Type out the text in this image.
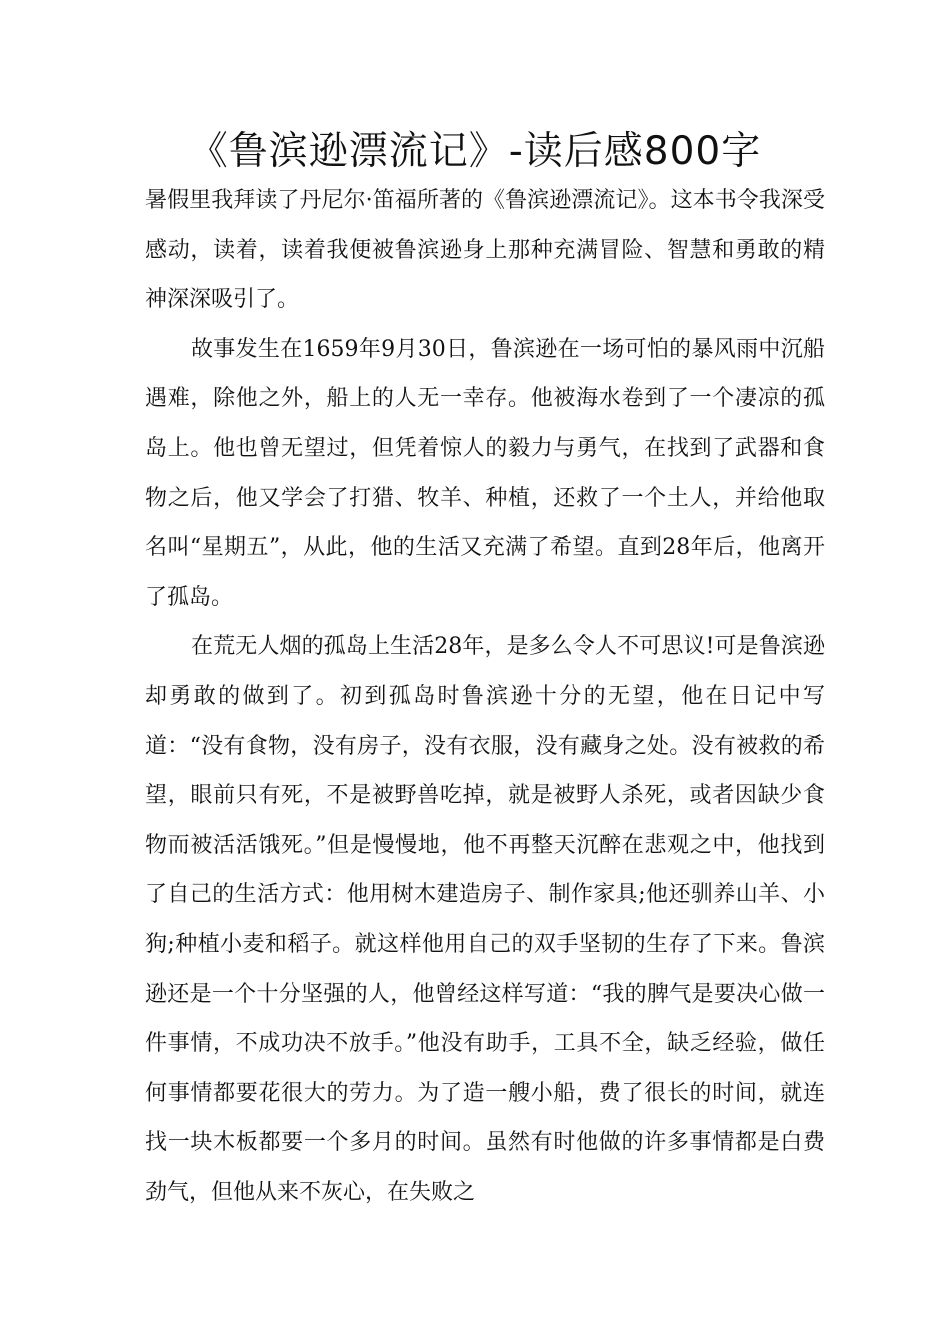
《鲁滨逊漂流记》-读后感800字

暑假里我拜读了丹尼尔·笛福所著的《鲁滨逊漂流记》。这本书令我深受感动，读着，读着我便被鲁滨逊身上那种充满冒险、智慧和勇敢的精神深深吸引了。

故事发生在1659年9月30日，鲁滨逊在一场可怕的暴风雨中沉船遇难，除他之外，船上的人无一幸存。他被海水卷到了一个凄凉的孤岛上。他也曾无望过，但凭着惊人的毅力与勇气，在找到了武器和食物之后，他又学会了打猎、牧羊、种植，还救了一个土人，并给他取名叫“星期五”，从此，他的生活又充满了希望。直到28年后，他离开了孤岛。

在荒无人烟的孤岛上生活28年，是多么令人不可思议!可是鲁滨逊却勇敢的做到了。初到孤岛时鲁滨逊十分的无望，他在日记中写道：“没有食物，没有房子，没有衣服，没有藏身之处。没有被救的希望，眼前只有死，不是被野兽吃掉，就是被野人杀死，或者因缺少食物而被活活饿死。”但是慢慢地，他不再整天沉醉在悲观之中，他找到了自己的生活方式：他用树木建造房子、制作家具;他还驯养山羊、小狗;种植小麦和稻子。就这样他用自己的双手坚韧的生存了下来。鲁滨逊还是一个十分坚强的人，他曾经这样写道：“我的脾气是要决心做一件事情，不成功决不放手。”他没有助手，工具不全，缺乏经验，做任何事情都要花很大的劳力。为了造一艘小船，费了很长的时间，就连找一块木板都要一个多月的时间。虽然有时他做的许多事情都是白费劲气，但他从来不灰心，在失败之
